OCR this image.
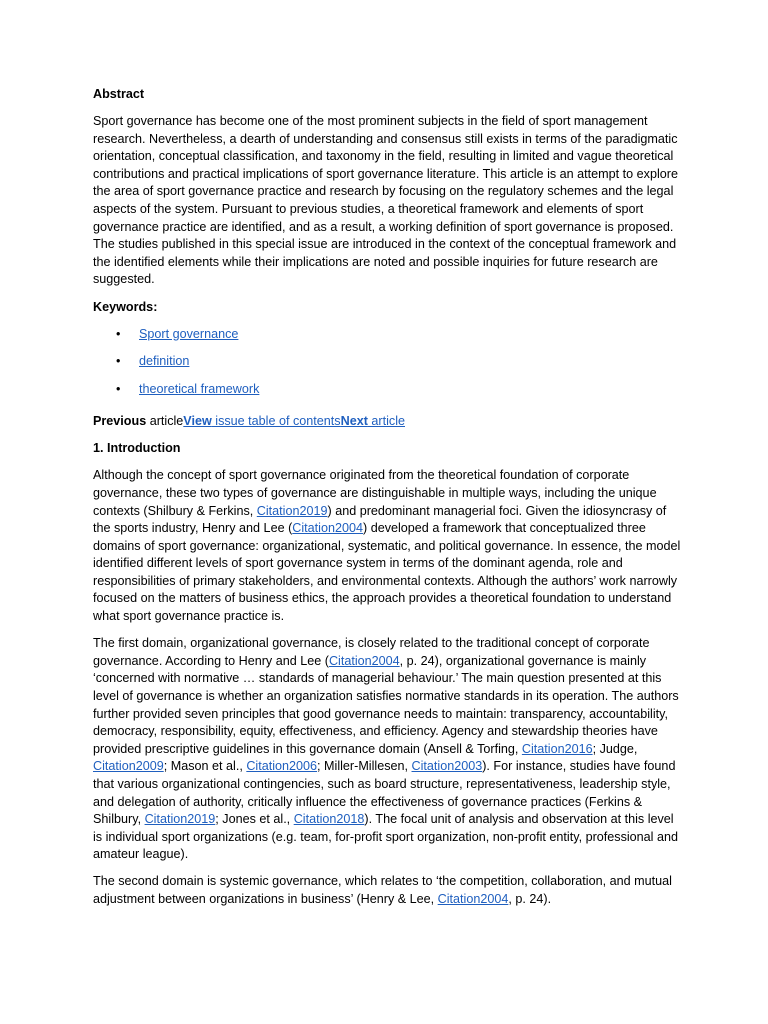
Abstract

Sport governance has become one of the most prominent subjects in the field of sport management research. Nevertheless, a dearth of understanding and consensus still exists in terms of the paradigmatic orientation, conceptual classification, and taxonomy in the field, resulting in limited and vague theoretical contributions and practical implications of sport governance literature. This article is an attempt to explore the area of sport governance practice and research by focusing on the regulatory schemes and the legal aspects of the system. Pursuant to previous studies, a theoretical framework and elements of sport governance practice are identified, and as a result, a working definition of sport governance is proposed. The studies published in this special issue are introduced in the context of the conceptual framework and the identified elements while their implications are noted and possible inquiries for future research are suggested.

Keywords:
• Sport governance
• definition
• theoretical framework
Previous articleView issue table of contentsNext article
1. Introduction

Although the concept of sport governance originated from the theoretical foundation of corporate governance, these two types of governance are distinguishable in multiple ways, including the unique contexts (Shilbury & Ferkins, Citation2019) and predominant managerial foci. Given the idiosyncrasy of the sports industry, Henry and Lee (Citation2004) developed a framework that conceptualized three domains of sport governance: organizational, systematic, and political governance. In essence, the model identified different levels of sport governance system in terms of the dominant agenda, role and responsibilities of primary stakeholders, and environmental contexts. Although the authors’ work narrowly focused on the matters of business ethics, the approach provides a theoretical foundation to understand what sport governance practice is.

The first domain, organizational governance, is closely related to the traditional concept of corporate governance. According to Henry and Lee (Citation2004, p. 24), organizational governance is mainly ‘concerned with normative … standards of managerial behaviour.’ The main question presented at this level of governance is whether an organization satisfies normative standards in its operation. The authors further provided seven principles that good governance needs to maintain: transparency, accountability, democracy, responsibility, equity, effectiveness, and efficiency. Agency and stewardship theories have provided prescriptive guidelines in this governance domain (Ansell & Torfing, Citation2016; Judge, Citation2009; Mason et al., Citation2006; Miller-Millesen, Citation2003). For instance, studies have found that various organizational contingencies, such as board structure, representativeness, leadership style, and delegation of authority, critically influence the effectiveness of governance practices (Ferkins & Shilbury, Citation2019; Jones et al., Citation2018). The focal unit of analysis and observation at this level is individual sport organizations (e.g. team, for-profit sport organization, non-profit entity, professional and amateur league).

The second domain is systemic governance, which relates to ‘the competition, collaboration, and mutual adjustment between organizations in business’ (Henry & Lee, Citation2004, p. 24).
